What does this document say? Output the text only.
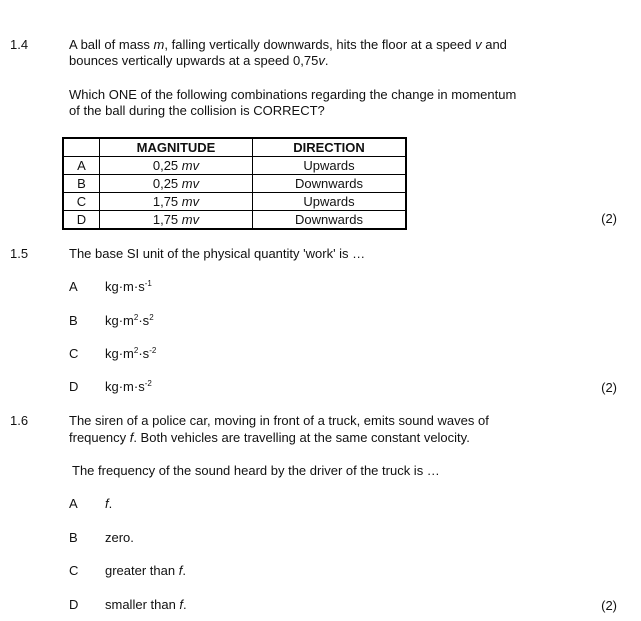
1.4	A ball of mass m, falling vertically downwards, hits the floor at a speed v and
bounces vertically upwards at a speed 0,75v.
Which ONE of the following combinations regarding the change in momentum
of the ball during the collision is CORRECT?
	MAGNITUDE	DIRECTION
A	0,25 mv	Upwards
B	0,25 mv	Downwards
C	1,75 mv	Upwards
D	1,75 mv	Downwards	(2)
1.5	The base SI unit of the physical quantity 'work' is …
A $kg\cdot m\cdot s^{-1}$
B $kg\cdot m^2\cdot s^2$
C $kg\cdot m^2\cdot s^{-2}$
D $kg\cdot m\cdot s^{-2}$	(2)
1.6	The siren of a police car, moving in front of a truck, emits sound waves of
frequency f. Both vehicles are travelling at the same constant velocity.
The frequency of the sound heard by the driver of the truck is …
A f.
B zero.
C greater than f.
D smaller than f.	(2)
